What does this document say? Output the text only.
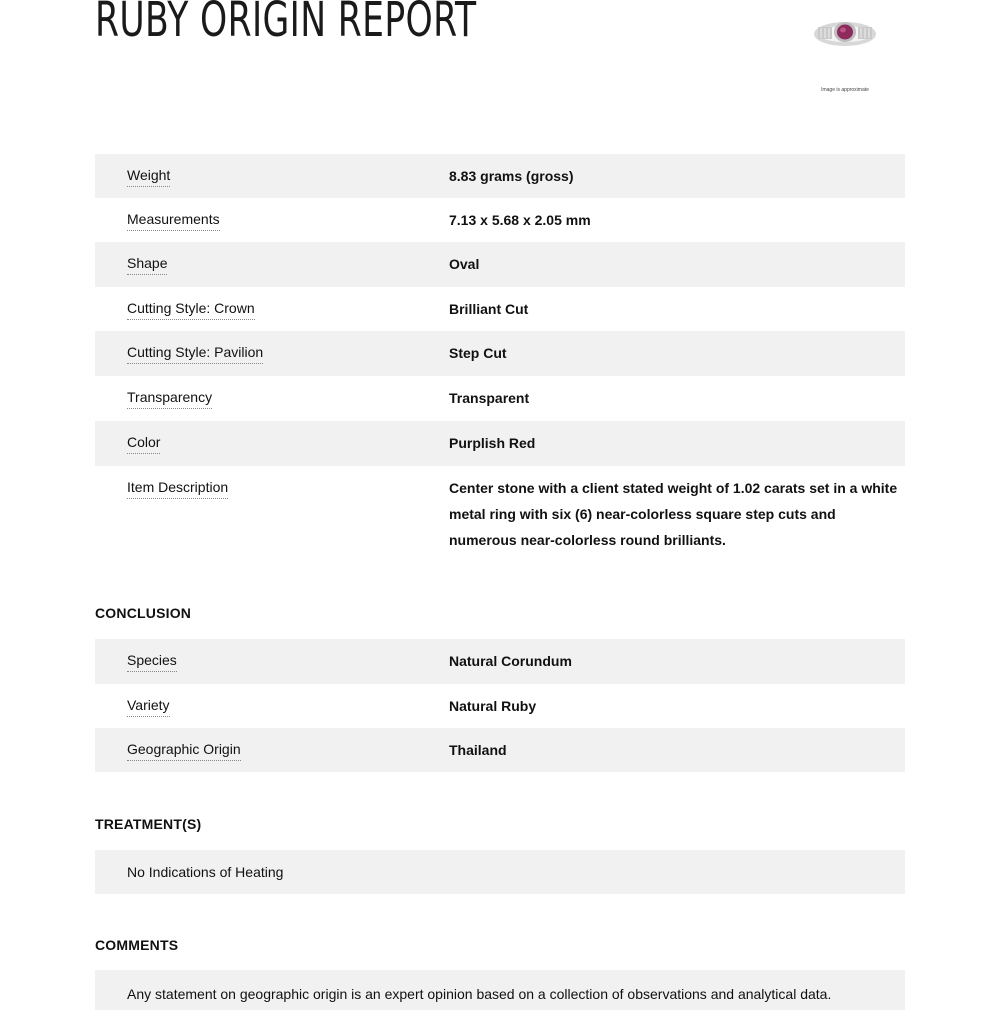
RUBY ORIGIN REPORT
Image is approximate
Weight	8.83 grams (gross)
Measurements	7.13 x 5.68 x 2.05 mm
Shape	Oval
Cutting Style: Crown	Brilliant Cut
Cutting Style: Pavilion	Step Cut
Transparency	Transparent
Color	Purplish Red
Item Description	Center stone with a client stated weight of 1.02 carats set in a white metal ring with six (6) near-colorless square step cuts and numerous near-colorless round brilliants.
CONCLUSION
Species	Natural Corundum
Variety	Natural Ruby
Geographic Origin	Thailand
TREATMENT(S)
No Indications of Heating
COMMENTS
Any statement on geographic origin is an expert opinion based on a collection of observations and analytical data.
